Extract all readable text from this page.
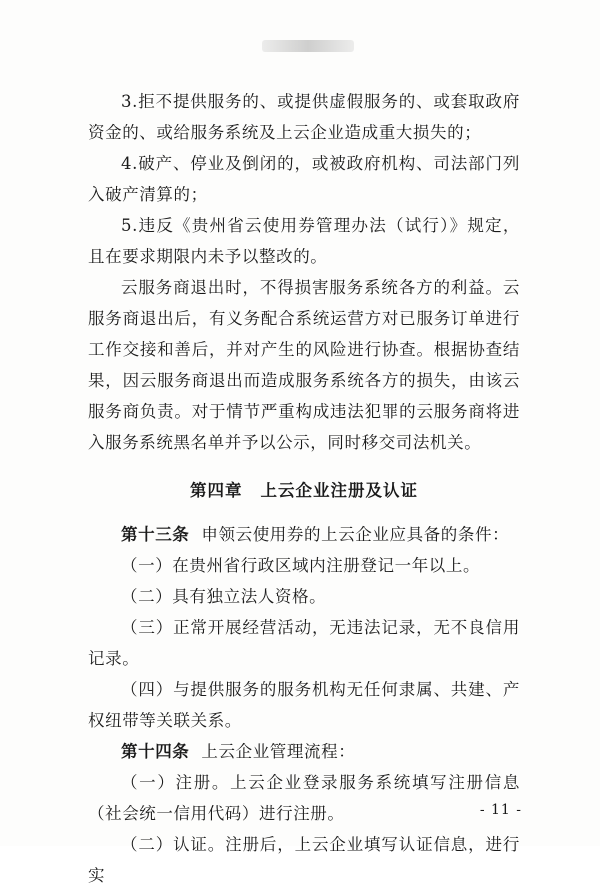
3.拒不提供服务的、或提供虚假服务的、或套取政府资金的、或给服务系统及上云企业造成重大损失的；

4.破产、停业及倒闭的，或被政府机构、司法部门列入破产清算的；

5.违反《贵州省云使用券管理办法（试行）》规定，且在要求期限内未予以整改的。

云服务商退出时，不得损害服务系统各方的利益。云服务商退出后，有义务配合系统运营方对已服务订单进行工作交接和善后，并对产生的风险进行协查。根据协查结果，因云服务商退出而造成服务系统各方的损失，由该云服务商负责。对于情节严重构成违法犯罪的云服务商将进入服务系统黑名单并予以公示，同时移交司法机关。

第四章 上云企业注册及认证

第十三条 申领云使用券的上云企业应具备的条件：

（一）在贵州省行政区域内注册登记一年以上。

（二）具有独立法人资格。

（三）正常开展经营活动，无违法记录，无不良信用记录。

（四）与提供服务的服务机构无任何隶属、共建、产权纽带等关联关系。

第十四条 上云企业管理流程：

（一）注册。上云企业登录服务系统填写注册信息（社会统一信用代码）进行注册。

（二）认证。注册后，上云企业填写认证信息，进行实

- 11 -
